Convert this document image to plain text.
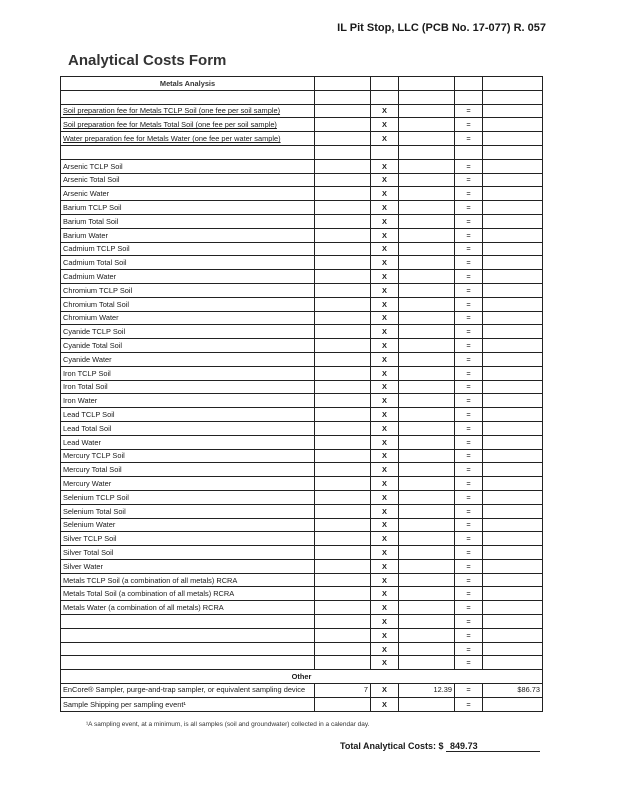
IL Pit Stop, LLC (PCB No. 17-077) R. 057
Analytical Costs Form
Metals Analysis					

Soil preparation fee for Metals TCLP Soil (one fee per soil sample)		X		=	
Soil preparation fee for Metals Total Soil (one fee per soil sample)		X		=	
Water preparation fee for Metals Water (one fee per water sample)		X		=	

Arsenic TCLP Soil		X		=	
Arsenic Total Soil		X		=	
Arsenic Water		X		=	
Barium TCLP Soil		X		=	
Barium Total Soil		X		=	
Barium Water		X		=	
Cadmium TCLP Soil		X		=	
Cadmium Total Soil		X		=	
Cadmium Water		X		=	
Chromium TCLP Soil		X		=	
Chromium Total Soil		X		=	
Chromium Water		X		=	
Cyanide TCLP Soil		X		=	
Cyanide Total Soil		X		=	
Cyanide Water		X		=	
Iron TCLP Soil		X		=	
Iron Total Soil		X		=	
Iron Water		X		=	
Lead TCLP Soil		X		=	
Lead Total Soil		X		=	
Lead Water		X		=	
Mercury TCLP Soil		X		=	
Mercury Total Soil		X		=	
Mercury Water		X		=	
Selenium TCLP Soil		X		=	
Selenium Total Soil		X		=	
Selenium Water		X		=	
Silver TCLP Soil		X		=	
Silver Total Soil		X		=	
Silver Water		X		=	
Metals TCLP Soil (a combination of all metals) RCRA		X		=	
Metals Total Soil (a combination of all metals) RCRA		X		=	
Metals Water (a combination of all metals) RCRA		X		=	
		X		=	
		X		=	
		X		=	
		X		=	
Other					
EnCore® Sampler, purge-and-trap sampler, or equivalent sampling device	7	X	12.39	=	$86.73
Sample Shipping per sampling event¹		X		=	
¹A sampling event, at a minimum, is all samples (soil and groundwater) collected in a calendar day.
Total Analytical Costs: $ 849.73
